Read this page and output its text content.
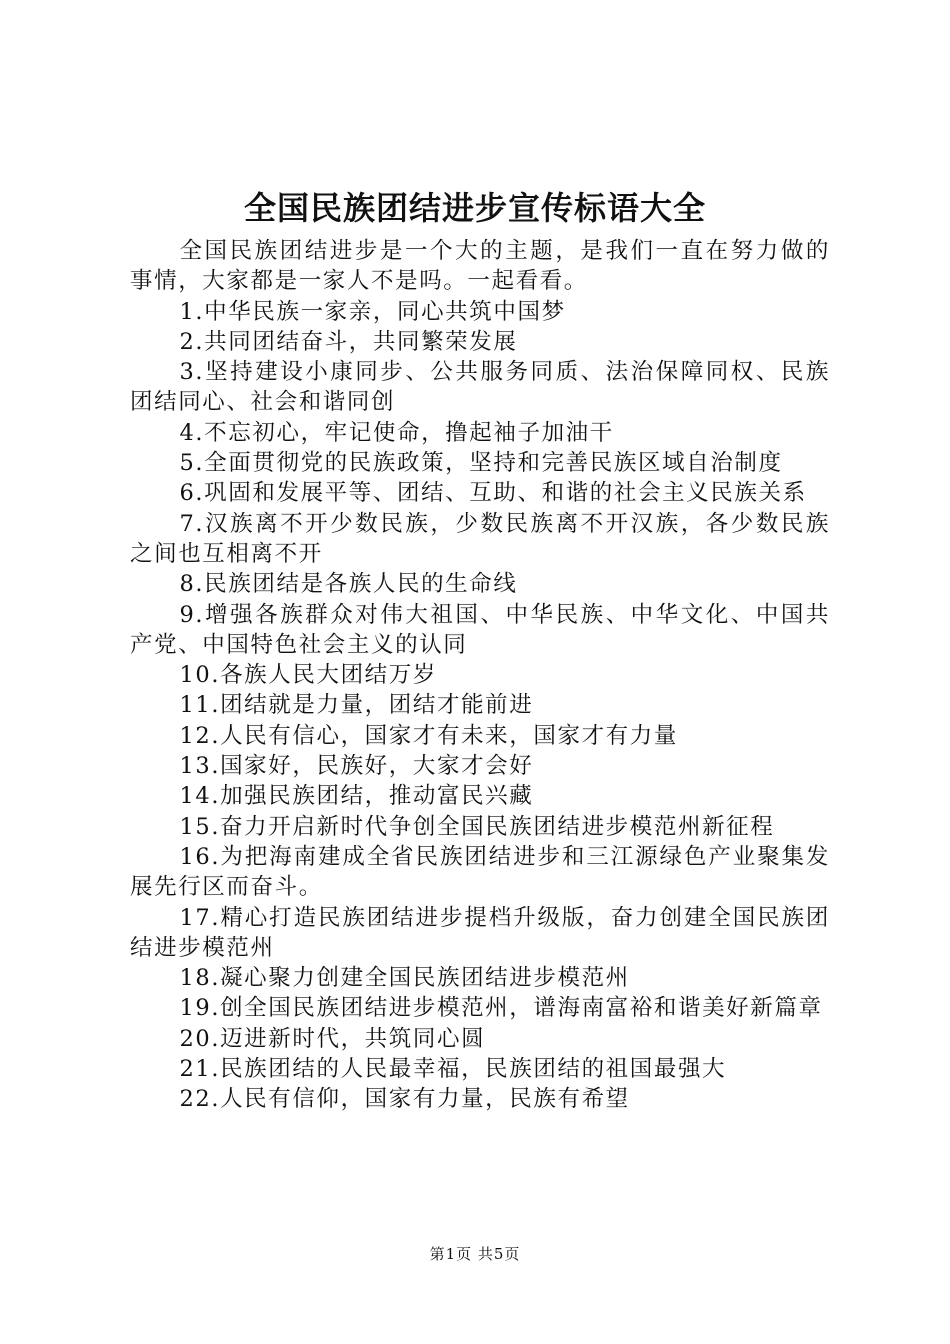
全国民族团结进步宣传标语大全

全国民族团结进步是一个大的主题，是我们一直在努力做的事情，大家都是一家人不是吗。一起看看。

1.中华民族一家亲，同心共筑中国梦

2.共同团结奋斗，共同繁荣发展

3.坚持建设小康同步、公共服务同质、法治保障同权、民族团结同心、社会和谐同创

4.不忘初心，牢记使命，撸起袖子加油干

5.全面贯彻党的民族政策，坚持和完善民族区域自治制度

6.巩固和发展平等、团结、互助、和谐的社会主义民族关系

7.汉族离不开少数民族，少数民族离不开汉族，各少数民族之间也互相离不开

8.民族团结是各族人民的生命线

9.增强各族群众对伟大祖国、中华民族、中华文化、中国共产党、中国特色社会主义的认同

10.各族人民大团结万岁

11.团结就是力量，团结才能前进

12.人民有信心，国家才有未来，国家才有力量

13.国家好，民族好，大家才会好

14.加强民族团结，推动富民兴藏

15.奋力开启新时代争创全国民族团结进步模范州新征程

16.为把海南建成全省民族团结进步和三江源绿色产业聚集发展先行区而奋斗。

17.精心打造民族团结进步提档升级版，奋力创建全国民族团结进步模范州

18.凝心聚力创建全国民族团结进步模范州

19.创全国民族团结进步模范州，谱海南富裕和谐美好新篇章

20.迈进新时代，共筑同心圆

21.民族团结的人民最幸福，民族团结的祖国最强大

22.人民有信仰，国家有力量，民族有希望

第1页 共5页
